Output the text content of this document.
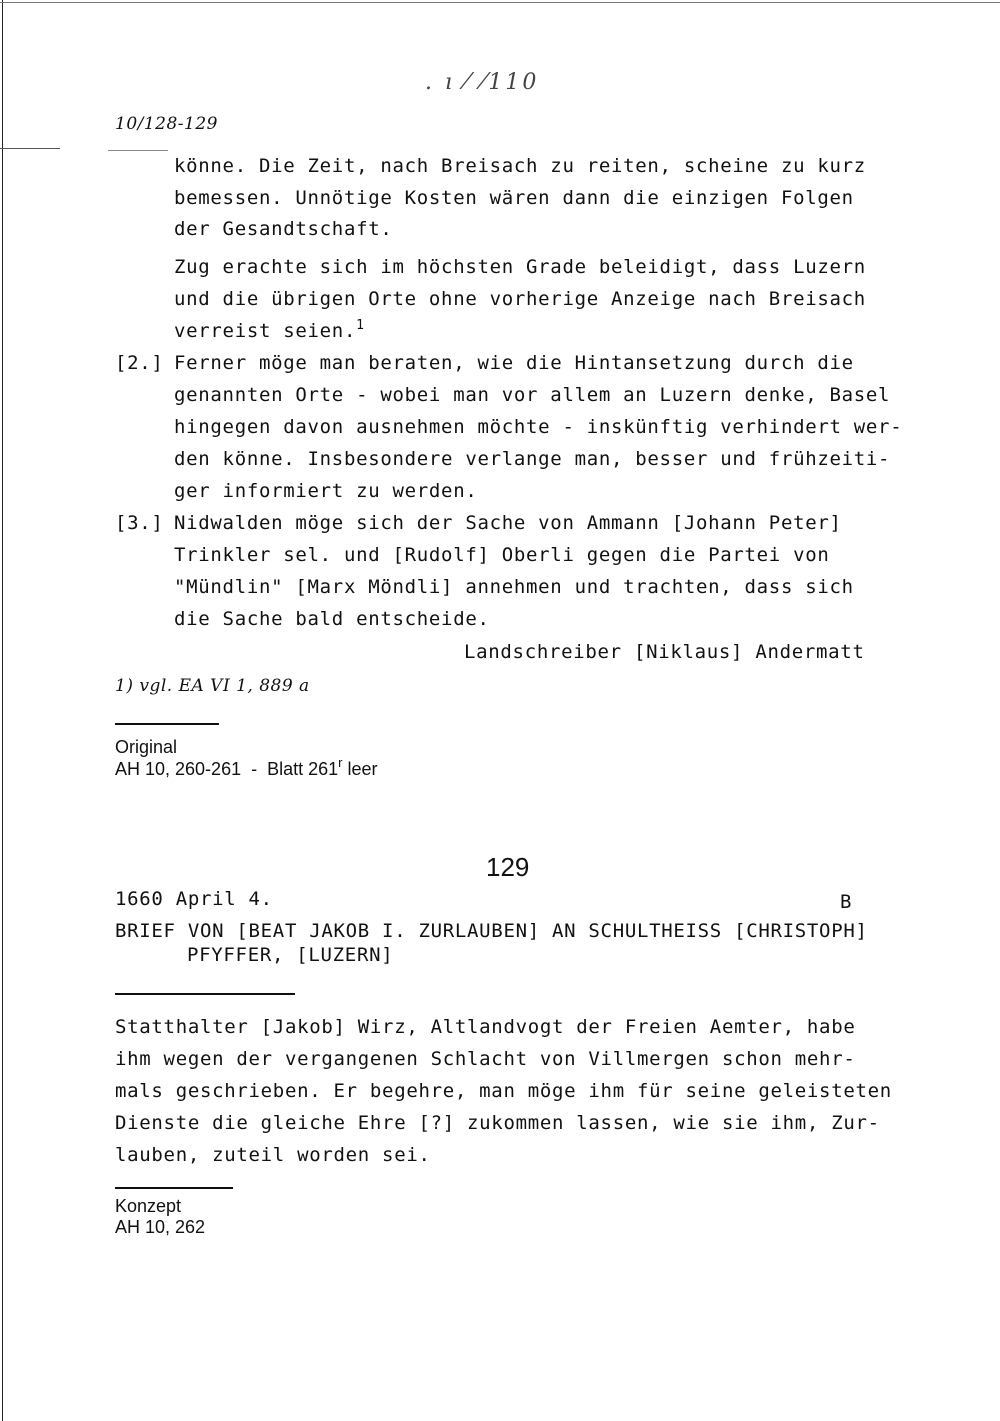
. ı ⁄ ⁄110
10/128-129
könne. Die Zeit, nach Breisach zu reiten, scheine zu kurz
bemessen. Unnötige Kosten wären dann die einzigen Folgen
der Gesandtschaft.
Zug erachte sich im höchsten Grade beleidigt, dass Luzern
und die übrigen Orte ohne vorherige Anzeige nach Breisach
verreist seien.$^1$
[2.] Ferner möge man beraten, wie die Hintansetzung durch die
genannten Orte - wobei man vor allem an Luzern denke, Basel
hingegen davon ausnehmen möchte - inskünftig verhindert wer-
den könne. Insbesondere verlange man, besser und frühzeiti-
ger informiert zu werden.
[3.] Nidwalden möge sich der Sache von Ammann [Johann Peter]
Trinkler sel. und [Rudolf] Oberli gegen die Partei von
"Mündlin" [Marx Möndli] annehmen und trachten, dass sich
die Sache bald entscheide.
Landschreiber [Niklaus] Andermatt
1) vgl. EA VI 1, 889 a
Original
AH 10, 260-261  -  Blatt 261$^r$ leer
129
1660 April 4.	B
BRIEF VON [BEAT JAKOB I. ZURLAUBEN] AN SCHULTHEISS [CHRISTOPH]
PFYFFER, [LUZERN]
Statthalter [Jakob] Wirz, Altlandvogt der Freien Aemter, habe
ihm wegen der vergangenen Schlacht von Villmergen schon mehr-
mals geschrieben. Er begehre, man möge ihm für seine geleisteten
Dienste die gleiche Ehre [?] zukommen lassen, wie sie ihm, Zur-
lauben, zuteil worden sei.
Konzept
AH 10, 262
